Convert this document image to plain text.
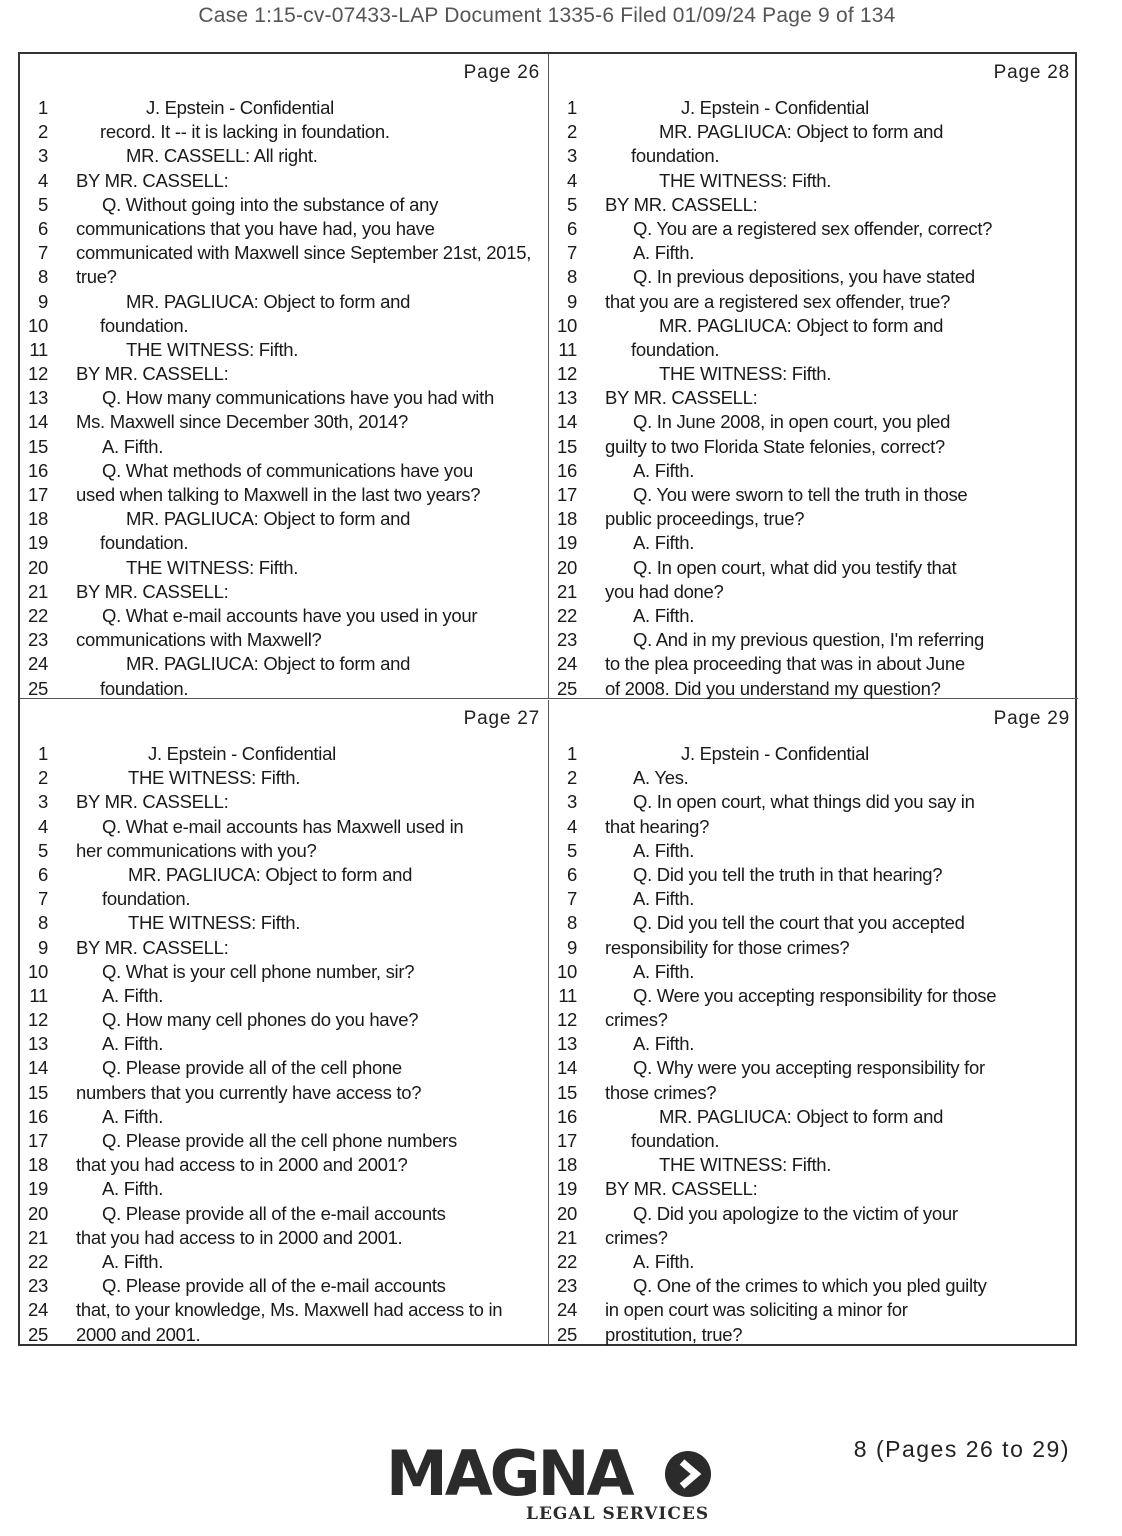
Case 1:15-cv-07433-LAP Document 1335-6 Filed 01/09/24 Page 9 of 134
Page 26
1	J. Epstein - Confidential
2	record. It -- it is lacking in foundation.
3	MR. CASSELL: All right.
4 BY MR. CASSELL:
5	Q. Without going into the substance of any
6 communications that you have had, you have
7 communicated with Maxwell since September 21st, 2015,
8 true?
9	MR. PAGLIUCA: Object to form and
10	foundation.
11	THE WITNESS: Fifth.
12 BY MR. CASSELL:
13	Q. How many communications have you had with
14 Ms. Maxwell since December 30th, 2014?
15	A. Fifth.
16	Q. What methods of communications have you
17 used when talking to Maxwell in the last two years?
18	MR. PAGLIUCA: Object to form and
19	foundation.
20	THE WITNESS: Fifth.
21 BY MR. CASSELL:
22	Q. What e-mail accounts have you used in your
23 communications with Maxwell?
24	MR. PAGLIUCA: Object to form and
25	foundation.
Page 28
1	J. Epstein - Confidential
2	MR. PAGLIUCA: Object to form and
3	foundation.
4	THE WITNESS: Fifth.
5 BY MR. CASSELL:
6	Q. You are a registered sex offender, correct?
7	A. Fifth.
8	Q. In previous depositions, you have stated
9 that you are a registered sex offender, true?
10	MR. PAGLIUCA: Object to form and
11	foundation.
12	THE WITNESS: Fifth.
13 BY MR. CASSELL:
14	Q. In June 2008, in open court, you pled
15 guilty to two Florida State felonies, correct?
16	A. Fifth.
17	Q. You were sworn to tell the truth in those
18 public proceedings, true?
19	A. Fifth.
20	Q. In open court, what did you testify that
21 you had done?
22	A. Fifth.
23	Q. And in my previous question, I'm referring
24 to the plea proceeding that was in about June
25 of 2008. Did you understand my question?
Page 27
1	J. Epstein - Confidential
2	THE WITNESS: Fifth.
3 BY MR. CASSELL:
4	Q. What e-mail accounts has Maxwell used in
5 her communications with you?
6	MR. PAGLIUCA: Object to form and
7	foundation.
8	THE WITNESS: Fifth.
9 BY MR. CASSELL:
10	Q. What is your cell phone number, sir?
11	A. Fifth.
12	Q. How many cell phones do you have?
13	A. Fifth.
14	Q. Please provide all of the cell phone
15 numbers that you currently have access to?
16	A. Fifth.
17	Q. Please provide all the cell phone numbers
18 that you had access to in 2000 and 2001?
19	A. Fifth.
20	Q. Please provide all of the e-mail accounts
21 that you had access to in 2000 and 2001.
22	A. Fifth.
23	Q. Please provide all of the e-mail accounts
24 that, to your knowledge, Ms. Maxwell had access to in
25 2000 and 2001.
Page 29
1	J. Epstein - Confidential
2	A. Yes.
3	Q. In open court, what things did you say in
4 that hearing?
5	A. Fifth.
6	Q. Did you tell the truth in that hearing?
7	A. Fifth.
8	Q. Did you tell the court that you accepted
9 responsibility for those crimes?
10	A. Fifth.
11	Q. Were you accepting responsibility for those
12 crimes?
13	A. Fifth.
14	Q. Why were you accepting responsibility for
15 those crimes?
16	MR. PAGLIUCA: Object to form and
17	foundation.
18	THE WITNESS: Fifth.
19 BY MR. CASSELL:
20	Q. Did you apologize to the victim of your
21 crimes?
22	A. Fifth.
23	Q. One of the crimes to which you pled guilty
24 in open court was soliciting a minor for
25 prostitution, true?
MAGNA
LEGAL SERVICES
8 (Pages 26 to 29)
